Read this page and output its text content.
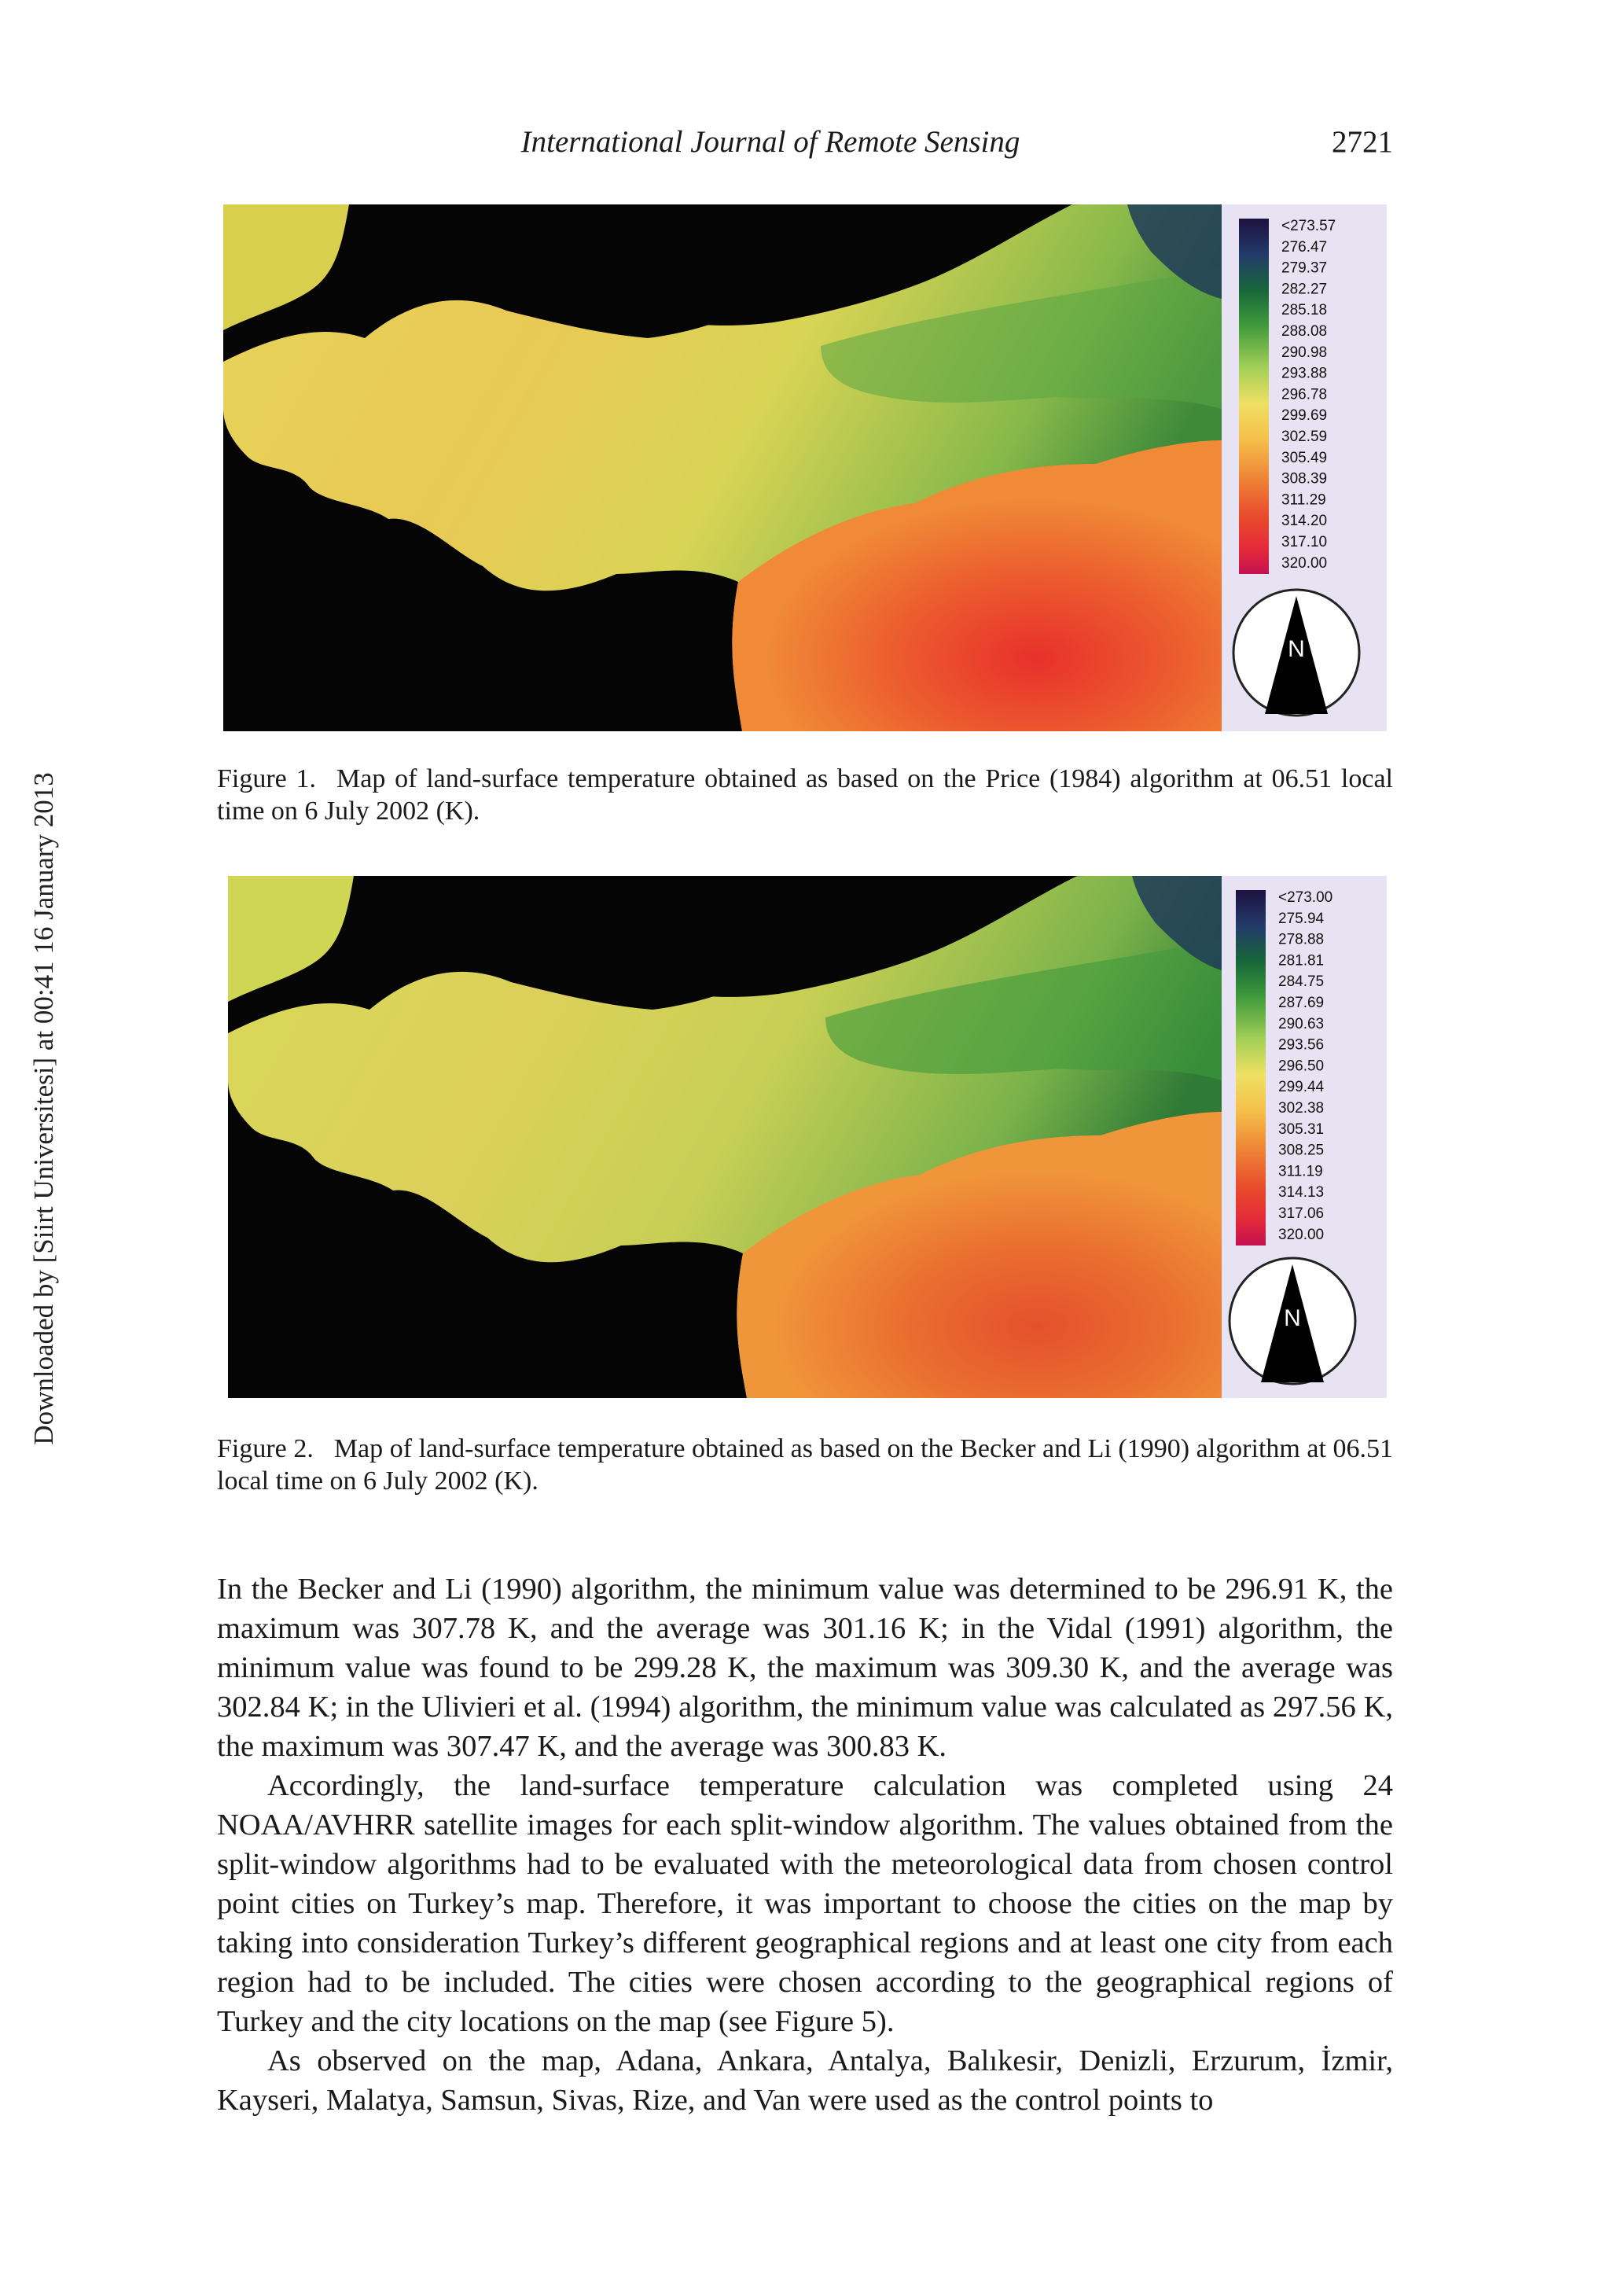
International Journal of Remote Sensing	2721
Downloaded by [Siirt Universitesi] at 00:41 16 January 2013
<273.57
276.47
279.37
282.27
285.18
288.08
290.98
293.88
296.78
299.69
302.59
305.49
308.39
311.29
314.20
317.10
320.00
N
Figure 1. Map of land-surface temperature obtained as based on the Price (1984) algorithm at 06.51 local time on 6 July 2002 (K).
<273.00
275.94
278.88
281.81
284.75
287.69
290.63
293.56
296.50
299.44
302.38
305.31
308.25
311.19
314.13
317.06
320.00
N
Figure 2. Map of land-surface temperature obtained as based on the Becker and Li (1990) algorithm at 06.51 local time on 6 July 2002 (K).

In the Becker and Li (1990) algorithm, the minimum value was determined to be 296.91 K, the maximum was 307.78 K, and the average was 301.16 K; in the Vidal (1991) algorithm, the minimum value was found to be 299.28 K, the maximum was 309.30 K, and the average was 302.84 K; in the Ulivieri et al. (1994) algorithm, the minimum value was calculated as 297.56 K, the maximum was 307.47 K, and the average was 300.83 K.

Accordingly, the land-surface temperature calculation was completed using 24 NOAA/AVHRR satellite images for each split-window algorithm. The values obtained from the split-window algorithms had to be evaluated with the meteorological data from chosen control point cities on Turkey’s map. Therefore, it was important to choose the cities on the map by taking into consideration Turkey’s different geographical regions and at least one city from each region had to be included. The cities were chosen according to the geographical regions of Turkey and the city locations on the map (see Figure 5).

As observed on the map, Adana, Ankara, Antalya, Balıkesir, Denizli, Erzurum, İzmir, Kayseri, Malatya, Samsun, Sivas, Rize, and Van were used as the control points to
